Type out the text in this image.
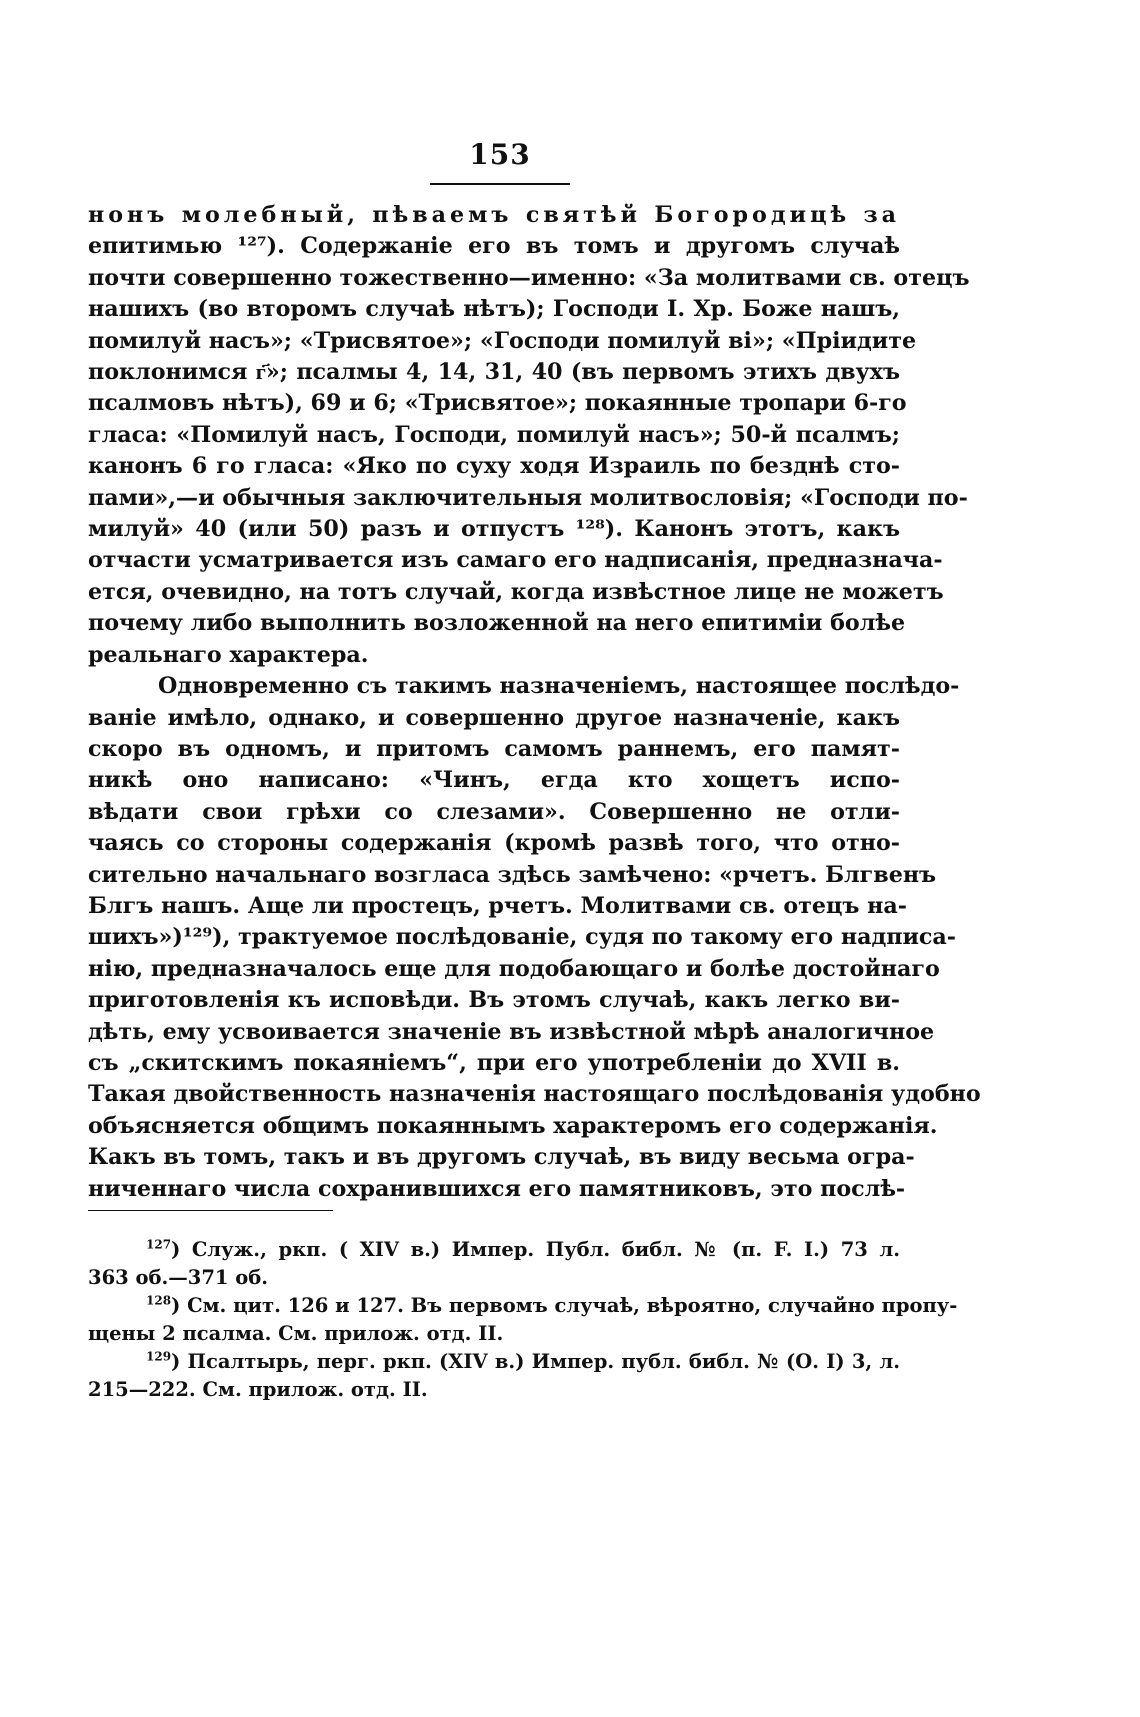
153
нонъ молебный, пѣваемъ святѣй Богородицѣ за
епитимью ¹²⁷). Содержаніе его въ томъ и другомъ случаѣ
почти совершенно тожественно—именно: «За молитвами св. отецъ
нашихъ (во второмъ случаѣ нѣтъ); Господи І. Хр. Боже нашъ,
помилуй насъ»; «Трисвятое»; «Господи помилуй ві»; «Пріидите
поклонимся г҃»; псалмы 4, 14, 31, 40 (въ первомъ этихъ двухъ
псалмовъ нѣтъ), 69 и 6; «Трисвятое»; покаянные тропари 6-го
гласа: «Помилуй насъ, Господи, помилуй насъ»; 50-й псалмъ;
канонъ 6 го гласа: «Яко по суху ходя Израиль по безднѣ сто-
пами»,—и обычныя заключительныя молитвословія; «Господи по-
милуй» 40 (или 50) разъ и отпустъ ¹²⁸). Канонъ этотъ, какъ
отчасти усматривается изъ самаго его надписанія, предназнача-
ется, очевидно, на тотъ случай, когда извѣстное лице не можетъ
почему либо выполнить возложенной на него епитиміи болѣе
реальнаго характера.
Одновременно съ такимъ назначеніемъ, настоящее послѣдо-
ваніе имѣло, однако, и совершенно другое назначеніе, какъ
скоро въ одномъ, и притомъ самомъ раннемъ, его памят-
никѣ оно написано: «Чинъ, егда кто хощетъ испо-
вѣдати свои грѣхи со слезами». Совершенно не отли-
чаясь со стороны содержанія (кромѣ развѣ того, что отно-
сительно начальнаго возгласа здѣсь замѣчено: «рчетъ. Блгвенъ
Блгъ нашъ. Аще ли простецъ, рчетъ. Молитвами св. отецъ на-
шихъ»)¹²⁹), трактуемое послѣдованіе, судя по такому его надписа-
нію, предназначалось еще для подобающаго и болѣе достойнаго
приготовленія къ исповѣди. Въ этомъ случаѣ, какъ легко ви-
дѣть, ему усвоивается значеніе въ извѣстной мѣрѣ аналогичное
съ „скитскимъ покаяніемъ“, при его употребленіи до XVII в.
Такая двойственность назначенія настоящаго послѣдованія удобно
объясняется общимъ покаяннымъ характеромъ его содержанія.
Какъ въ томъ, такъ и въ другомъ случаѣ, въ виду весьма огра-
ниченнаго числа сохранившихся его памятниковъ, это послѣ-
$^{127}$) Служ., ркп. ( XIV в.) Импер. Публ. библ. № (п. F. I.) 73 л.
363 об.—371 об.
$^{128}$) См. цит. 126 и 127. Въ первомъ случаѣ, вѣроятно, случайно пропу-
щены 2 псалма. См. прилож. отд. II.
$^{129}$) Псалтырь, перг. ркп. (XIV в.) Импер. публ. библ. № (О. I) 3, л.
215—222. См. прилож. отд. II.
